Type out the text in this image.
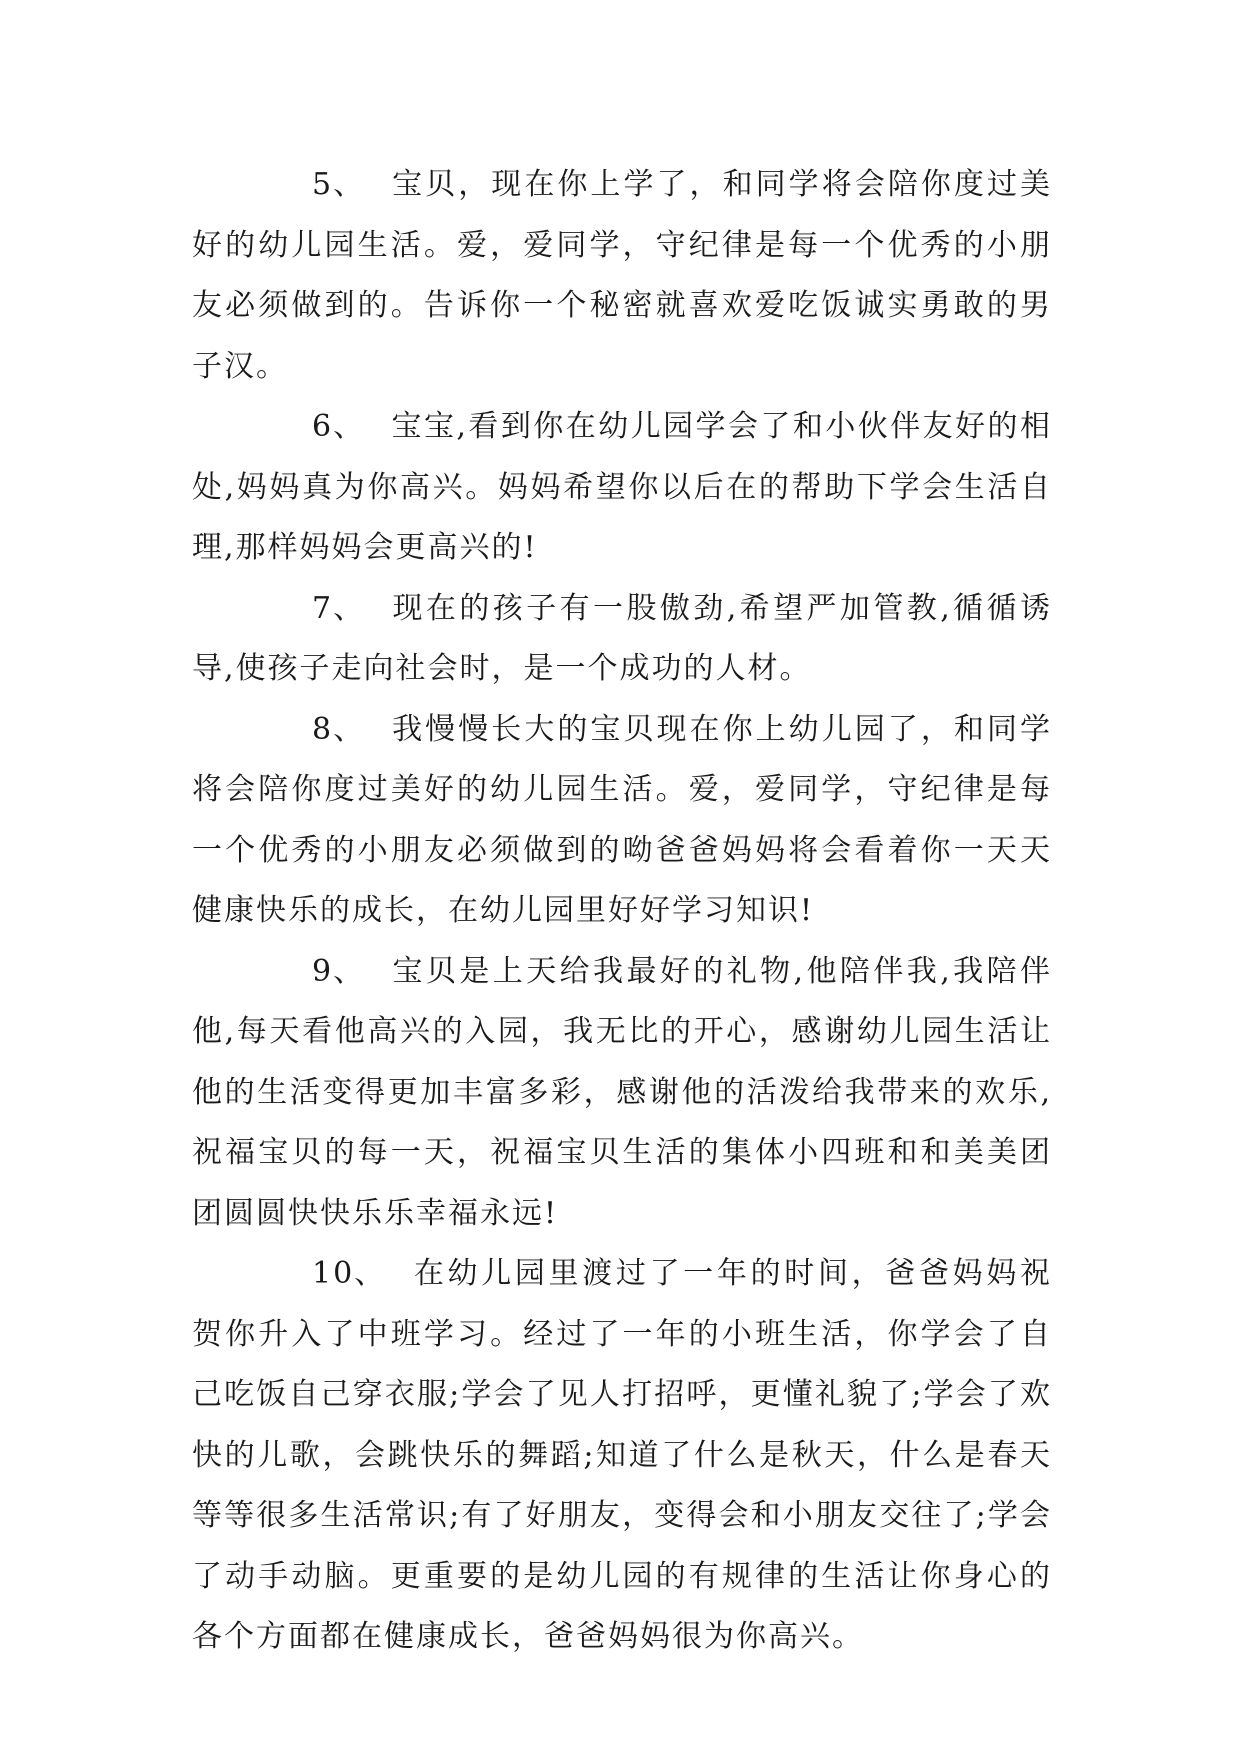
5、 宝贝，现在你上学了，和同学将会陪你度过美好的幼儿园生活。爱，爱同学，守纪律是每一个优秀的小朋友必须做到的。告诉你一个秘密就喜欢爱吃饭诚实勇敢的男子汉。

6、 宝宝,看到你在幼儿园学会了和小伙伴友好的相处,妈妈真为你高兴。妈妈希望你以后在的帮助下学会生活自理,那样妈妈会更高兴的!

7、 现在的孩子有一股傲劲,希望严加管教,循循诱导,使孩子走向社会时，是一个成功的人材。

8、 我慢慢长大的宝贝现在你上幼儿园了，和同学将会陪你度过美好的幼儿园生活。爱，爱同学，守纪律是每一个优秀的小朋友必须做到的呦爸爸妈妈将会看着你一天天健康快乐的成长，在幼儿园里好好学习知识!

9、 宝贝是上天给我最好的礼物,他陪伴我,我陪伴他,每天看他高兴的入园，我无比的开心，感谢幼儿园生活让他的生活变得更加丰富多彩，感谢他的活泼给我带来的欢乐,祝福宝贝的每一天，祝福宝贝生活的集体小四班和和美美团团圆圆快快乐乐幸福永远!

10、 在幼儿园里渡过了一年的时间，爸爸妈妈祝贺你升入了中班学习。经过了一年的小班生活，你学会了自己吃饭自己穿衣服;学会了见人打招呼，更懂礼貌了;学会了欢快的儿歌，会跳快乐的舞蹈;知道了什么是秋天，什么是春天等等很多生活常识;有了好朋友，变得会和小朋友交往了;学会了动手动脑。更重要的是幼儿园的有规律的生活让你身心的各个方面都在健康成长，爸爸妈妈很为你高兴。
